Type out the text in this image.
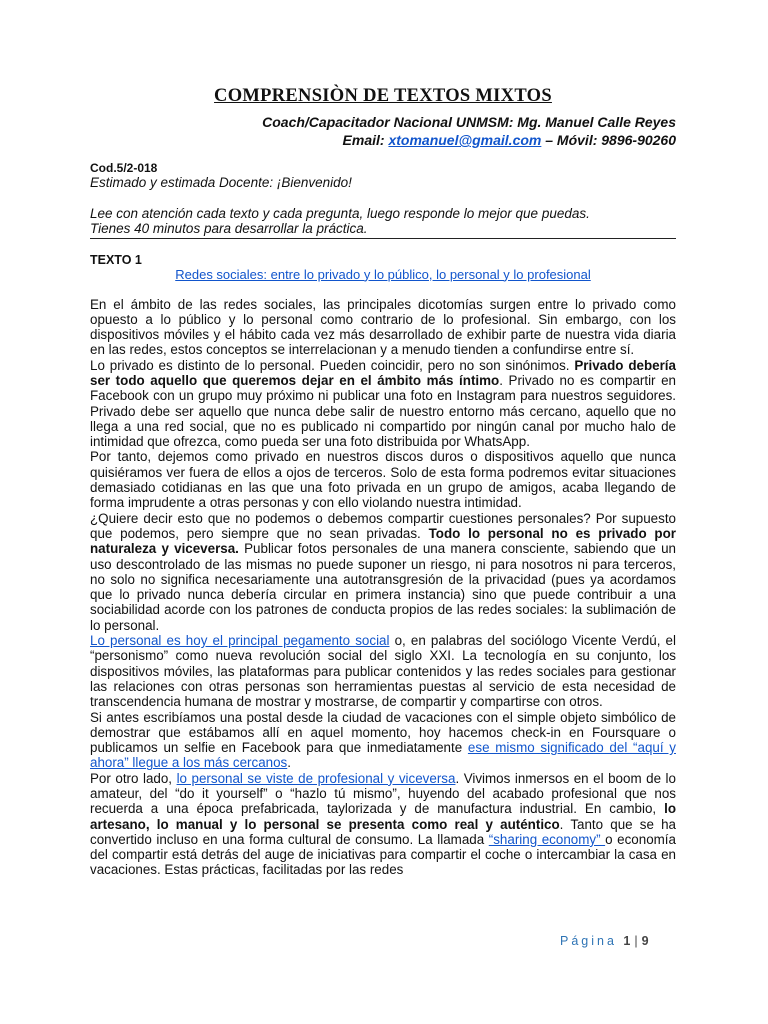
COMPRENSIÒN DE TEXTOS MIXTOS
Coach/Capacitador Nacional UNMSM: Mg. Manuel Calle Reyes
Email: xtomanuel@gmail.com – Móvil: 9896-90260
Cod.5/2-018
Estimado y estimada Docente: ¡Bienvenido!
Lee con atención cada texto y cada pregunta, luego responde lo mejor que puedas.
Tienes 40 minutos para desarrollar la práctica.
TEXTO 1
Redes sociales: entre lo privado y lo público, lo personal y lo profesional

En el ámbito de las redes sociales, las principales dicotomías surgen entre lo privado como opuesto a lo público y lo personal como contrario de lo profesional. Sin embargo, con los dispositivos móviles y el hábito cada vez más desarrollado de exhibir parte de nuestra vida diaria en las redes, estos conceptos se interrelacionan y a menudo tienden a confundirse entre sí.

Lo privado es distinto de lo personal. Pueden coincidir, pero no son sinónimos. Privado debería ser todo aquello que queremos dejar en el ámbito más íntimo. Privado no es compartir en Facebook con un grupo muy próximo ni publicar una foto en Instagram para nuestros seguidores. Privado debe ser aquello que nunca debe salir de nuestro entorno más cercano, aquello que no llega a una red social, que no es publicado ni compartido por ningún canal por mucho halo de intimidad que ofrezca, como pueda ser una foto distribuida por WhatsApp.

Por tanto, dejemos como privado en nuestros discos duros o dispositivos aquello que nunca quisiéramos ver fuera de ellos a ojos de terceros. Solo de esta forma podremos evitar situaciones demasiado cotidianas en las que una foto privada en un grupo de amigos, acaba llegando de forma imprudente a otras personas y con ello violando nuestra intimidad.

¿Quiere decir esto que no podemos o debemos compartir cuestiones personales? Por supuesto que podemos, pero siempre que no sean privadas. Todo lo personal no es privado por naturaleza y viceversa. Publicar fotos personales de una manera consciente, sabiendo que un uso descontrolado de las mismas no puede suponer un riesgo, ni para nosotros ni para terceros, no solo no significa necesariamente una autotransgresión de la privacidad (pues ya acordamos que lo privado nunca debería circular en primera instancia) sino que puede contribuir a una sociabilidad acorde con los patrones de conducta propios de las redes sociales: la sublimación de lo personal.

Lo personal es hoy el principal pegamento social o, en palabras del sociólogo Vicente Verdú, el “personismo” como nueva revolución social del siglo XXI. La tecnología en su conjunto, los dispositivos móviles, las plataformas para publicar contenidos y las redes sociales para gestionar las relaciones con otras personas son herramientas puestas al servicio de esta necesidad de transcendencia humana de mostrar y mostrarse, de compartir y compartirse con otros.

Si antes escribíamos una postal desde la ciudad de vacaciones con el simple objeto simbólico de demostrar que estábamos allí en aquel momento, hoy hacemos check-in en Foursquare o publicamos un selfie en Facebook para que inmediatamente ese mismo significado del “aquí y ahora” llegue a los más cercanos.

Por otro lado, lo personal se viste de profesional y viceversa. Vivimos inmersos en el boom de lo amateur, del “do it yourself” o “hazlo tú mismo”, huyendo del acabado profesional que nos recuerda a una época prefabricada, taylorizada y de manufactura industrial. En cambio, lo artesano, lo manual y lo personal se presenta como real y auténtico. Tanto que se ha convertido incluso en una forma cultural de consumo. La llamada “sharing economy” o economía del compartir está detrás del auge de iniciativas para compartir el coche o intercambiar la casa en vacaciones. Estas prácticas, facilitadas por las redes

Página 1 | 9
